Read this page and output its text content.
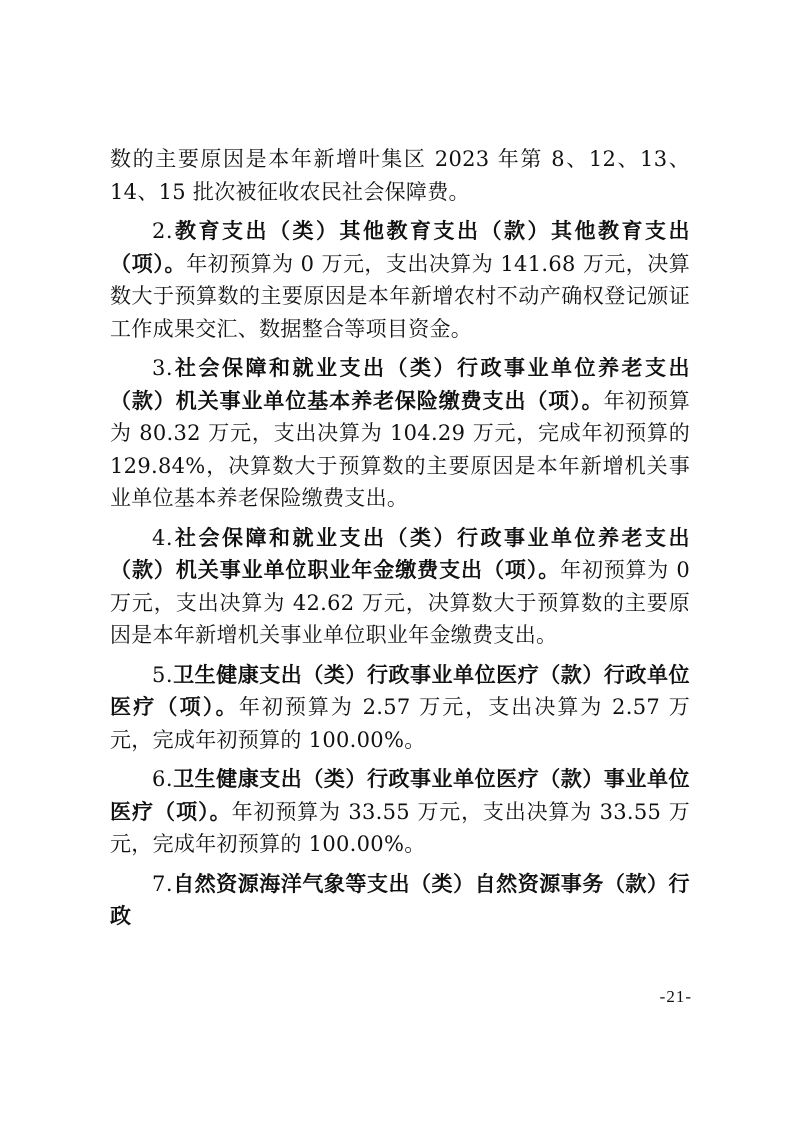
数的主要原因是本年新增叶集区 2023 年第 8、12、13、14、15 批次被征收农民社会保障费。

2.教育支出（类）其他教育支出（款）其他教育支出（项）。年初预算为 0 万元，支出决算为 141.68 万元，决算数大于预算数的主要原因是本年新增农村不动产确权登记颁证工作成果交汇、数据整合等项目资金。

3.社会保障和就业支出（类）行政事业单位养老支出（款）机关事业单位基本养老保险缴费支出（项）。年初预算为 80.32 万元，支出决算为 104.29 万元，完成年初预算的 129.84%，决算数大于预算数的主要原因是本年新增机关事业单位基本养老保险缴费支出。

4.社会保障和就业支出（类）行政事业单位养老支出（款）机关事业单位职业年金缴费支出（项）。年初预算为 0 万元，支出决算为 42.62 万元，决算数大于预算数的主要原因是本年新增机关事业单位职业年金缴费支出。

5.卫生健康支出（类）行政事业单位医疗（款）行政单位医疗（项）。年初预算为 2.57 万元，支出决算为 2.57 万元，完成年初预算的 100.00%。

6.卫生健康支出（类）行政事业单位医疗（款）事业单位医疗（项）。年初预算为 33.55 万元，支出决算为 33.55 万元，完成年初预算的 100.00%。

7.自然资源海洋气象等支出（类）自然资源事务（款）行政

-21-
